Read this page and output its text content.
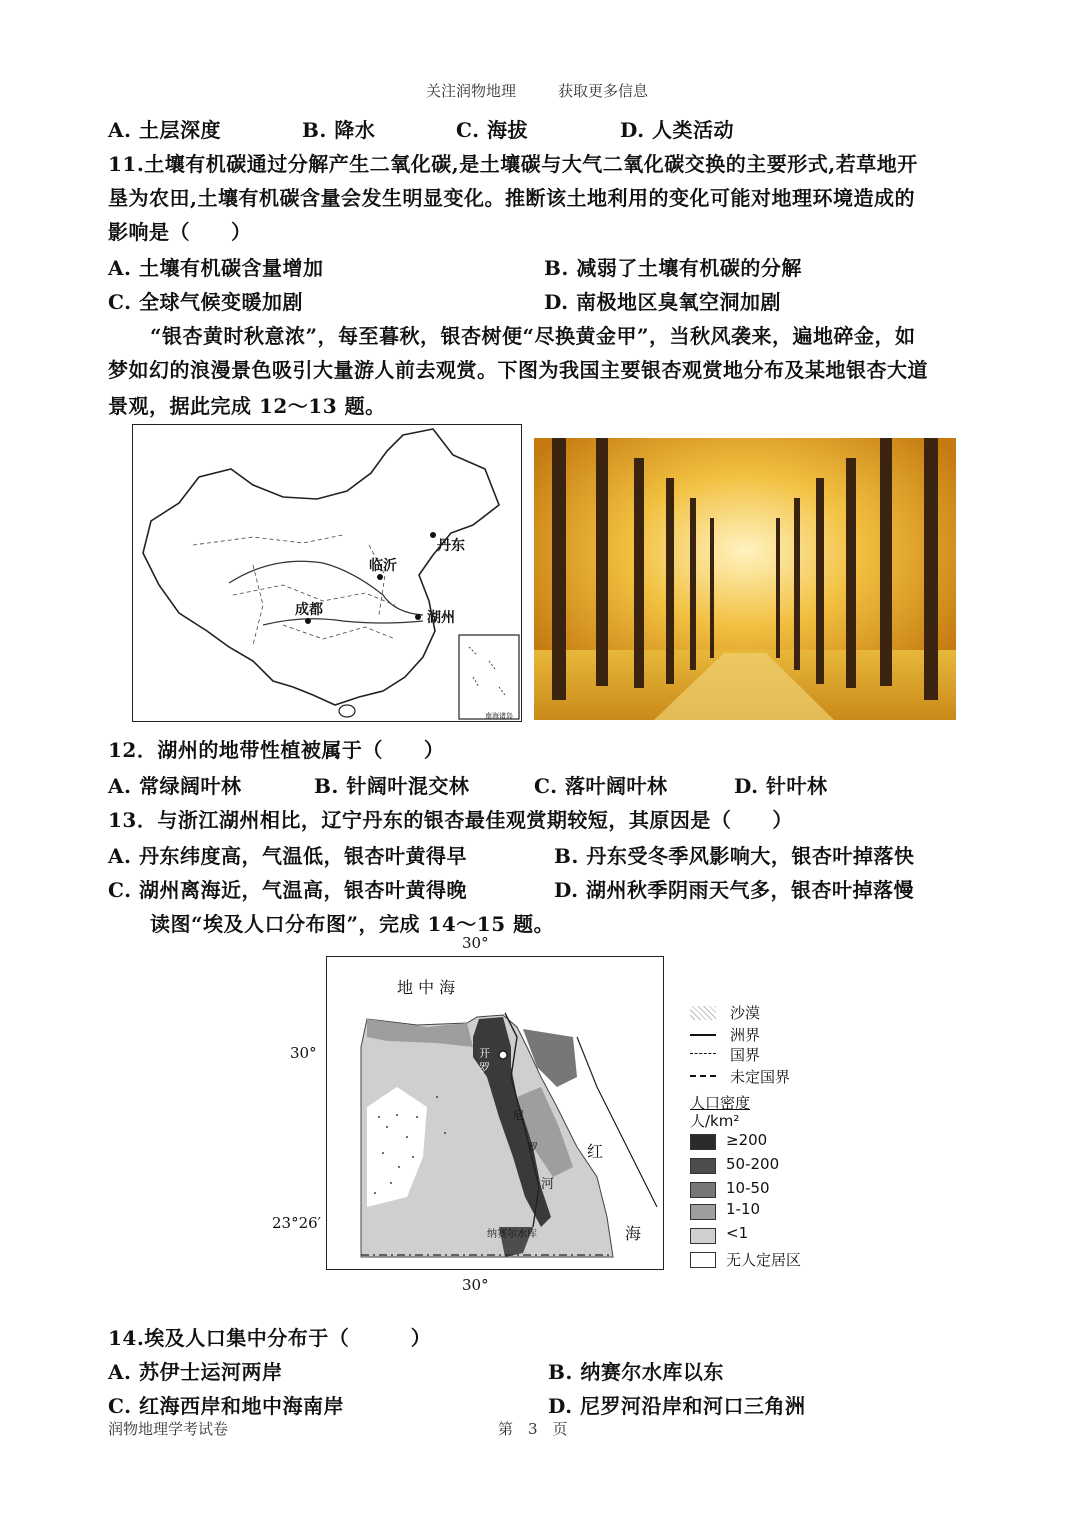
关注润物地理	获取更多信息
A. 土层深度	B. 降水	C. 海拔	D. 人类活动
11.土壤有机碳通过分解产生二氧化碳,是土壤碳与大气二氧化碳交换的主要形式,若草地开
垦为农田,土壤有机碳含量会发生明显变化。推断该土地利用的变化可能对地理环境造成的
影响是（　　）
A. 土壤有机碳含量增加	B. 减弱了土壤有机碳的分解
C. 全球气候变暖加剧	D. 南极地区臭氧空洞加剧
“银杏黄时秋意浓”，每至暮秋，银杏树便“尽换黄金甲”，当秋风袭来，遍地碎金，如
梦如幻的浪漫景色吸引大量游人前去观赏。下图为我国主要银杏观赏地分布及某地银杏大道
景观，据此完成 12～13 题。
丹东
临沂
成都	湖州
南海诸岛
12．湖州的地带性植被属于（　　）
A. 常绿阔叶林	B. 针阔叶混交林	C. 落叶阔叶林	D. 针叶林
13．与浙江湖州相比，辽宁丹东的银杏最佳观赏期较短，其原因是（　　）
A. 丹东纬度高，气温低，银杏叶黄得早	B. 丹东受冬季风影响大，银杏叶掉落快
C. 湖州离海近，气温高，银杏叶黄得晚	D. 湖州秋季阴雨天气多，银杏叶掉落慢
读图“埃及人口分布图”，完成 14～15 题。
30°
30°
30°
23°26′
地 中 海
红
海
开
罗
尼
罗
河
纳赛尔水库
沙漠
洲界
国界
未定国界
人口密度
人/km²
≥200
50-200
10-50
1-10
<1
无人定居区
14.埃及人口集中分布于（　　　）
A. 苏伊士运河两岸	B. 纳赛尔水库以东
C. 红海西岸和地中海南岸	D. 尼罗河沿岸和河口三角洲
润物地理学考试卷	第　3　页
